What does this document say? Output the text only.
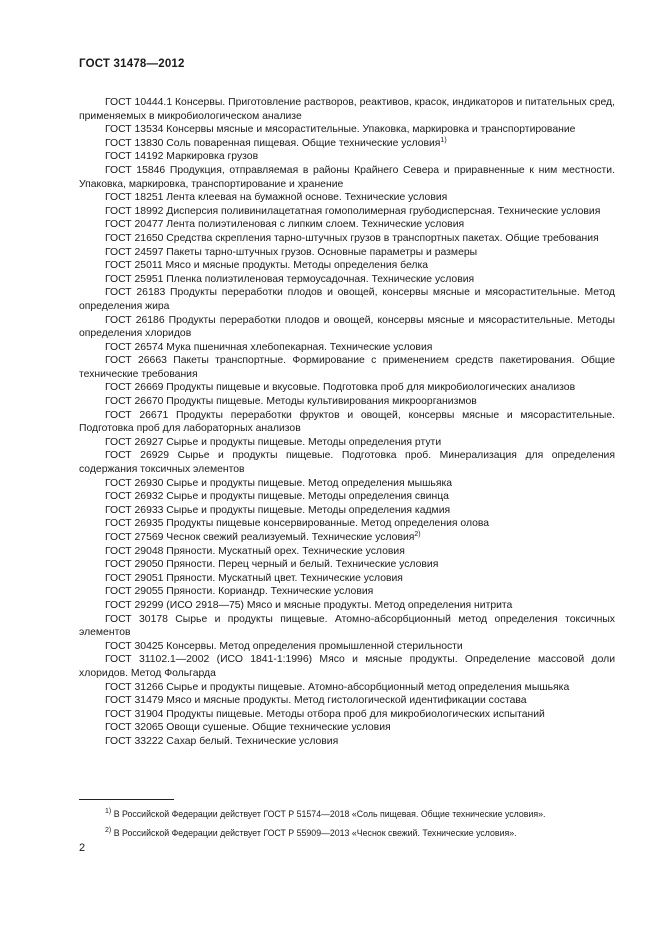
ГОСТ 31478—2012

ГОСТ 10444.1 Консервы. Приготовление растворов, реактивов, красок, индикаторов и питательных сред, применяемых в микробиологическом анализе

ГОСТ 13534 Консервы мясные и мясорастительные. Упаковка, маркировка и транспортирование

ГОСТ 13830 Соль поваренная пищевая. Общие технические условия$^{1)}$

ГОСТ 14192 Маркировка грузов

ГОСТ 15846 Продукция, отправляемая в районы Крайнего Севера и приравненные к ним местности. Упаковка, маркировка, транспортирование и хранение

ГОСТ 18251 Лента клеевая на бумажной основе. Технические условия

ГОСТ 18992 Дисперсия поливинилацетатная гомополимерная грубодисперсная. Технические условия

ГОСТ 20477 Лента полиэтиленовая с липким слоем. Технические условия

ГОСТ 21650 Средства скрепления тарно-штучных грузов в транспортных пакетах. Общие требования

ГОСТ 24597 Пакеты тарно-штучных грузов. Основные параметры и размеры

ГОСТ 25011 Мясо и мясные продукты. Методы определения белка

ГОСТ 25951 Пленка полиэтиленовая термоусадочная. Технические условия

ГОСТ 26183 Продукты переработки плодов и овощей, консервы мясные и мясорастительные. Метод определения жира

ГОСТ 26186 Продукты переработки плодов и овощей, консервы мясные и мясорастительные. Методы определения хлоридов

ГОСТ 26574 Мука пшеничная хлебопекарная. Технические условия

ГОСТ 26663 Пакеты транспортные. Формирование с применением средств пакетирования. Общие технические требования

ГОСТ 26669 Продукты пищевые и вкусовые. Подготовка проб для микробиологических анализов

ГОСТ 26670 Продукты пищевые. Методы культивирования микроорганизмов

ГОСТ 26671 Продукты переработки фруктов и овощей, консервы мясные и мясорастительные. Подготовка проб для лабораторных анализов

ГОСТ 26927 Сырье и продукты пищевые. Методы определения ртути

ГОСТ 26929 Сырье и продукты пищевые. Подготовка проб. Минерализация для определения содержания токсичных элементов

ГОСТ 26930 Сырье и продукты пищевые. Метод определения мышьяка

ГОСТ 26932 Сырье и продукты пищевые. Методы определения свинца

ГОСТ 26933 Сырье и продукты пищевые. Методы определения кадмия

ГОСТ 26935 Продукты пищевые консервированные. Метод определения олова

ГОСТ 27569 Чеснок свежий реализуемый. Технические условия$^{2)}$

ГОСТ 29048 Пряности. Мускатный орех. Технические условия

ГОСТ 29050 Пряности. Перец черный и белый. Технические условия

ГОСТ 29051 Пряности. Мускатный цвет. Технические условия

ГОСТ 29055 Пряности. Кориандр. Технические условия

ГОСТ 29299 (ИСО 2918—75) Мясо и мясные продукты. Метод определения нитрита

ГОСТ 30178 Сырье и продукты пищевые. Атомно-абсорбционный метод определения токсичных элементов

ГОСТ 30425 Консервы. Метод определения промышленной стерильности

ГОСТ 31102.1—2002 (ИСО 1841-1:1996) Мясо и мясные продукты. Определение массовой доли хлоридов. Метод Фольгарда

ГОСТ 31266 Сырье и продукты пищевые. Атомно-абсорбционный метод определения мышьяка

ГОСТ 31479 Мясо и мясные продукты. Метод гистологической идентификации состава

ГОСТ 31904 Продукты пищевые. Методы отбора проб для микробиологических испытаний

ГОСТ 32065 Овощи сушеные. Общие технические условия

ГОСТ 33222 Сахар белый. Технические условия

$^{1)}$ В Российской Федерации действует ГОСТ Р 51574—2018 «Соль пищевая. Общие технические условия».

$^{2)}$ В Российской Федерации действует ГОСТ Р 55909—2013 «Чеснок свежий. Технические условия».

2
